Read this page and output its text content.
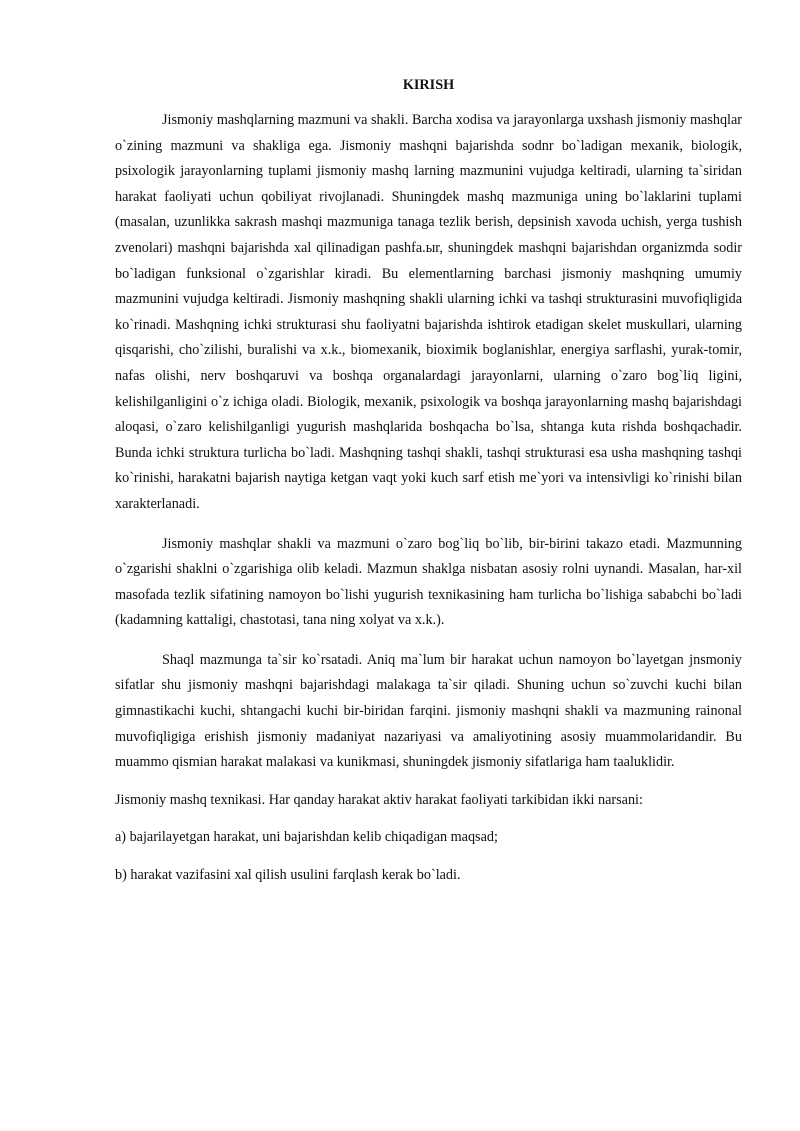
KIRISH

Jismoniy mashqlarning mazmuni va shakli. Barcha xodisa va jarayonlarga uxshash jismoniy mashqlar o`zining mazmuni va shakliga ega. Jismoniy mashqni bajarishda sodnr bo`ladigan mexanik, biologik, psixologik jarayonlarning tuplami jismoniy mashq larning mazmunini vujudga keltiradi, ularning ta`siridan harakat faoliyati uchun qobiliyat rivojlanadi. Shuningdek mashq mazmuniga uning bo`laklarini tuplami (masalan, uzunlikka sakrash mashqi mazmuniga tanaga tezlik berish, depsinish xavoda uchish, yerga tushish zvenolari) mashqni bajarishda xal qilinadigan pashfa.ыr, shuningdek mashqni bajarishdan organizmda sodir bo`ladigan funksional o`zgarishlar kiradi. Bu elementlarning barchasi jismoniy mashqning umumiy mazmunini vujudga keltiradi. Jismoniy mashqning shakli ularning ichki va tashqi strukturasini muvofiqligida ko`rinadi. Mashqning ichki strukturasi shu faoliyatni bajarishda ishtirok etadigan skelet muskullari, ularning qisqarishi, cho`zilishi, buralishi va x.k., biomexanik, bioximik boglanishlar, energiya sarflashi, yurak-tomir, nafas olishi, nerv boshqaruvi va boshqa organalardagi jarayonlarni, ularning o`zaro bog`liq ligini, kelishilganligini o`z ichiga oladi. Biologik, mexanik, psixologik va boshqa jarayonlarning mashq bajarishdagi aloqasi, o`zaro kelishilganligi yugurish mashqlarida boshqacha bo`lsa, shtanga kuta rishda boshqachadir. Bunda ichki struktura turlicha bo`ladi. Mashqning tashqi shakli, tashqi strukturasi esa usha mashqning tashqi ko`rinishi, harakatni bajarish naytiga ketgan vaqt yoki kuch sarf etish me`yori va intensivligi ko`rinishi bilan xarakterlanadi.

Jismoniy mashqlar shakli va mazmuni o`zaro bog`liq bo`lib, bir-birini takazo etadi. Mazmunning o`zgarishi shaklni o`zgarishiga olib keladi. Mazmun shaklga nisbatan asosiy rolni uynandi. Masalan, har-xil masofada tezlik sifatining namoyon bo`lishi yugurish texnikasining ham turlicha bo`lishiga sababchi bo`ladi (kadamning kattaligi, chastotasi, tana ning xolyat va x.k.).

Shaql mazmunga ta`sir ko`rsatadi. Aniq ma`lum bir harakat uchun namoyon bo`layetgan jnsmoniy sifatlar shu jismoniy mashqni bajarishdagi malakaga ta`sir qiladi. Shuning uchun so`zuvchi kuchi bilan gimnastikachi kuchi, shtangachi kuchi bir-biridan farqini. jismoniy mashqni shakli va mazmuning rainonal muvofiqligiga erishish jismoniy madaniyat nazariyasi va amaliyotining asosiy muammolaridandir. Bu muammo qismian harakat malakasi va kunikmasi, shuningdek jismoniy sifatlariga ham taaluklidir.

Jismoniy mashq texnikasi. Har qanday harakat aktiv harakat faoliyati tarkibidan ikki narsani:

a) bajarilayetgan harakat, uni bajarishdan kelib chiqadigan maqsad;

b) harakat vazifasini xal qilish usulini farqlash kerak bo`ladi.
